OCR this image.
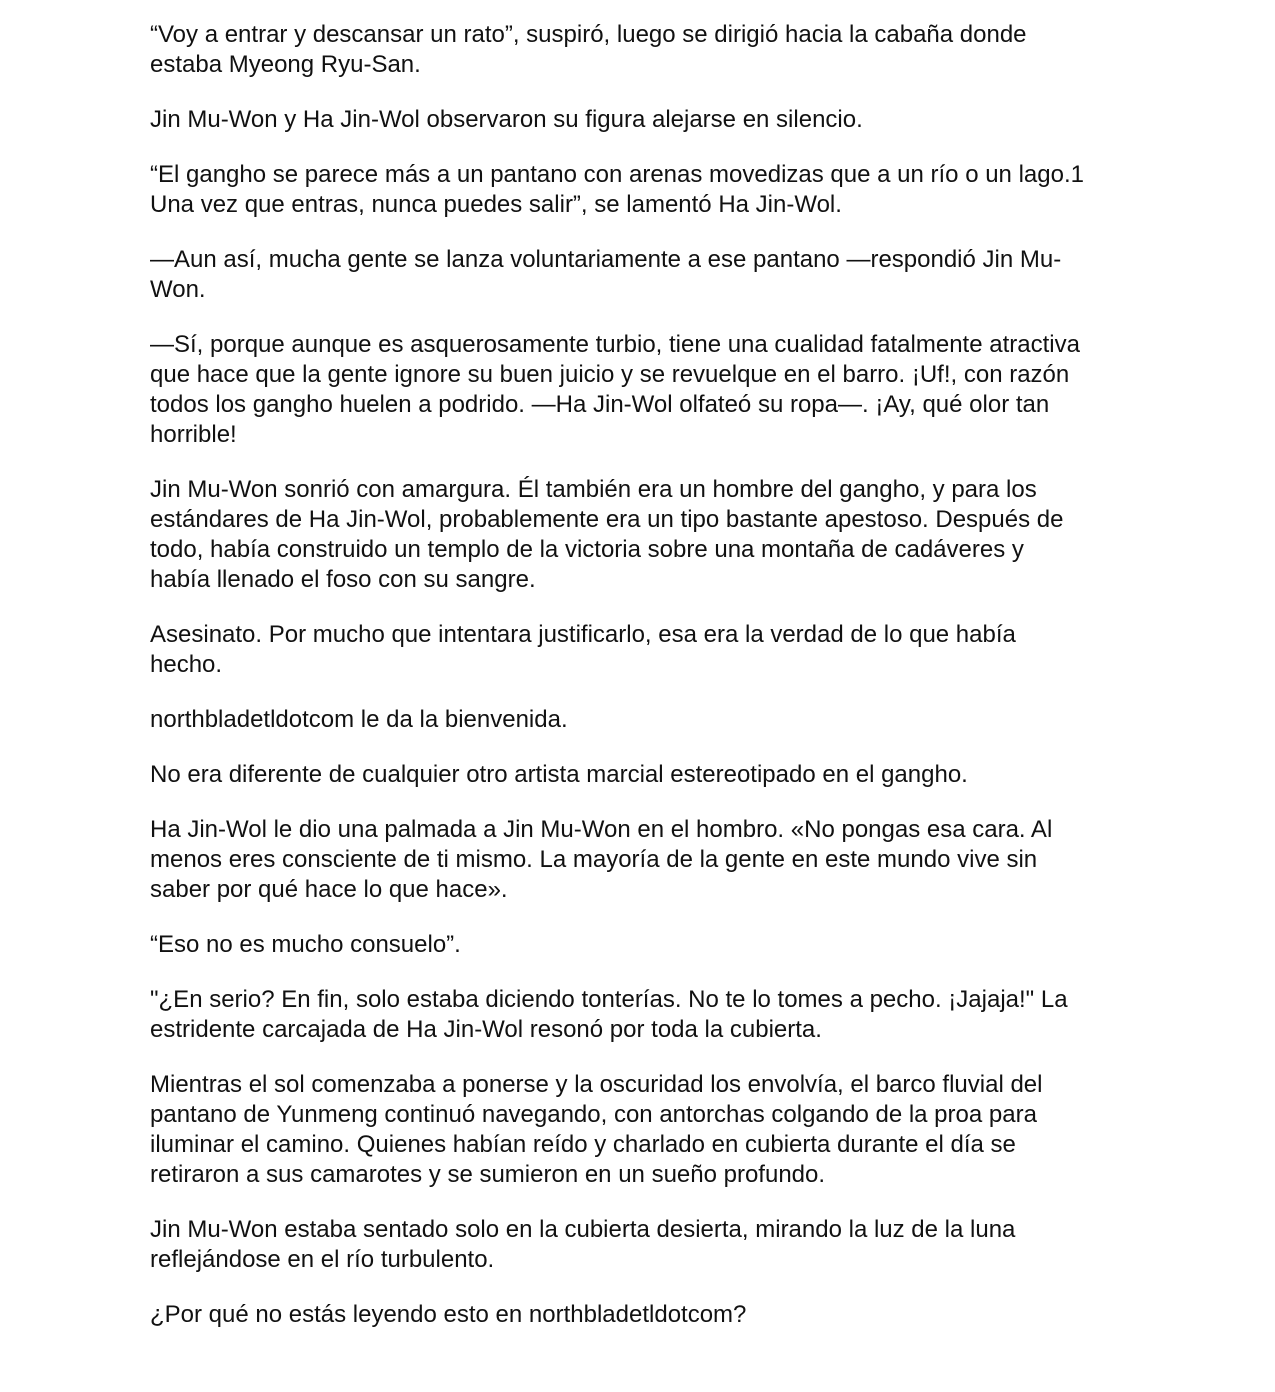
“Voy a entrar y descansar un rato”, suspiró, luego se dirigió hacia la cabaña donde
estaba Myeong Ryu-San.

Jin Mu-Won y Ha Jin-Wol observaron su figura alejarse en silencio.

“El gangho se parece más a un pantano con arenas movedizas que a un río o un lago.1
Una vez que entras, nunca puedes salir”, se lamentó Ha Jin-Wol.

—Aun así, mucha gente se lanza voluntariamente a ese pantano —respondió Jin Mu-
Won.

—Sí, porque aunque es asquerosamente turbio, tiene una cualidad fatalmente atractiva
que hace que la gente ignore su buen juicio y se revuelque en el barro. ¡Uf!, con razón
todos los gangho huelen a podrido. —Ha Jin-Wol olfateó su ropa—. ¡Ay, qué olor tan
horrible!

Jin Mu-Won sonrió con amargura. Él también era un hombre del gangho, y para los
estándares de Ha Jin-Wol, probablemente era un tipo bastante apestoso. Después de
todo, había construido un templo de la victoria sobre una montaña de cadáveres y
había llenado el foso con su sangre.

Asesinato. Por mucho que intentara justificarlo, esa era la verdad de lo que había
hecho.

northbladetldotcom le da la bienvenida.

No era diferente de cualquier otro artista marcial estereotipado en el gangho.

Ha Jin-Wol le dio una palmada a Jin Mu-Won en el hombro. «No pongas esa cara. Al
menos eres consciente de ti mismo. La mayoría de la gente en este mundo vive sin
saber por qué hace lo que hace».

“Eso no es mucho consuelo”.

"¿En serio? En fin, solo estaba diciendo tonterías. No te lo tomes a pecho. ¡Jajaja!" La
estridente carcajada de Ha Jin-Wol resonó por toda la cubierta.

Mientras el sol comenzaba a ponerse y la oscuridad los envolvía, el barco fluvial del
pantano de Yunmeng continuó navegando, con antorchas colgando de la proa para
iluminar el camino. Quienes habían reído y charlado en cubierta durante el día se
retiraron a sus camarotes y se sumieron en un sueño profundo.

Jin Mu-Won estaba sentado solo en la cubierta desierta, mirando la luz de la luna
reflejándose en el río turbulento.

¿Por qué no estás leyendo esto en northbladetldotcom?
